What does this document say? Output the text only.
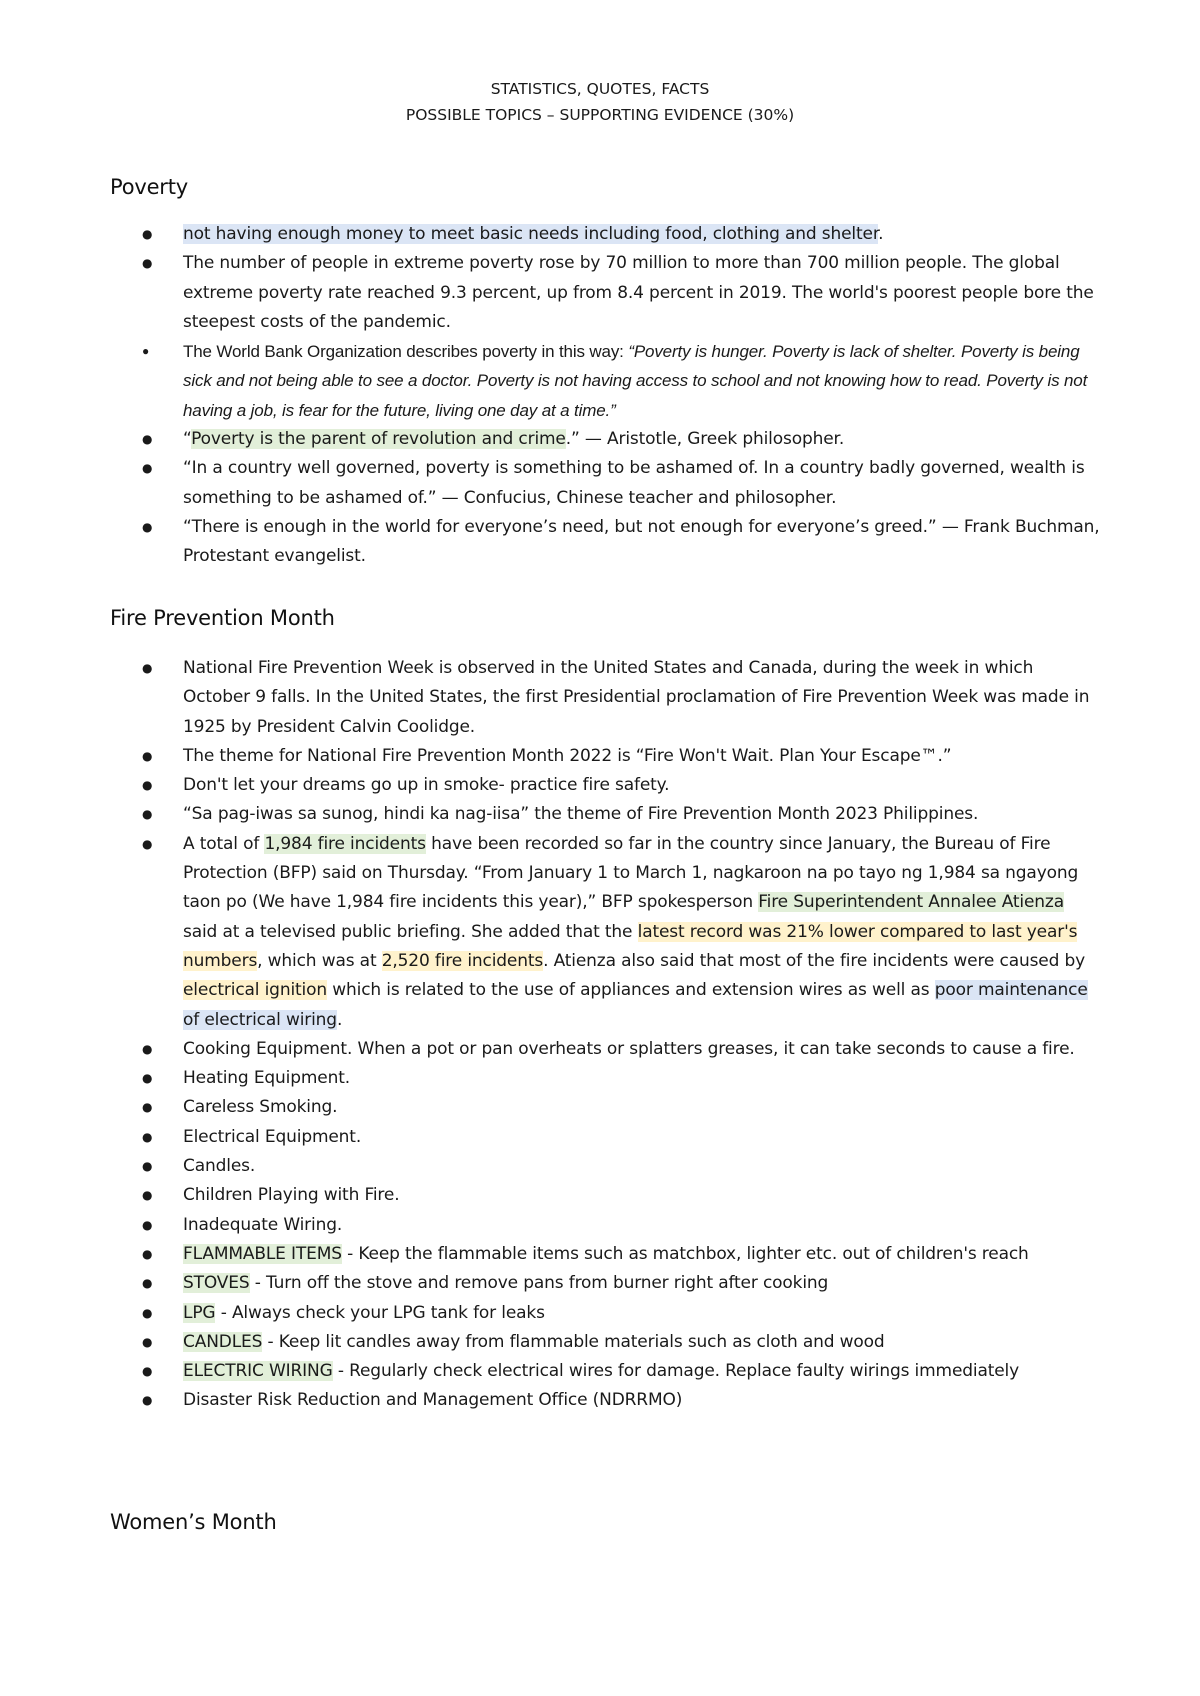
STATISTICS, QUOTES, FACTS
POSSIBLE TOPICS – SUPPORTING EVIDENCE (30%)
Poverty
● not having enough money to meet basic needs including food, clothing and shelter.
● The number of people in extreme poverty rose by 70 million to more than 700 million people. The global extreme poverty rate reached 9.3 percent, up from 8.4 percent in 2019. The world's poorest people bore the steepest costs of the pandemic.
● The World Bank Organization describes poverty in this way: “Poverty is hunger. Poverty is lack of shelter. Poverty is being sick and not being able to see a doctor. Poverty is not having access to school and not knowing how to read. Poverty is not having a job, is fear for the future, living one day at a time.”
● “Poverty is the parent of revolution and crime.” — Aristotle, Greek philosopher.
● “In a country well governed, poverty is something to be ashamed of. In a country badly governed, wealth is something to be ashamed of.” — Confucius, Chinese teacher and philosopher.
● “There is enough in the world for everyone’s need, but not enough for everyone’s greed.” — Frank Buchman, Protestant evangelist.
Fire Prevention Month
● National Fire Prevention Week is observed in the United States and Canada, during the week in which October 9 falls. In the United States, the first Presidential proclamation of Fire Prevention Week was made in 1925 by President Calvin Coolidge.
● The theme for National Fire Prevention Month 2022 is “Fire Won't Wait. Plan Your Escape™.”
● Don't let your dreams go up in smoke- practice fire safety.
● “Sa pag-iwas sa sunog, hindi ka nag-iisa” the theme of Fire Prevention Month 2023 Philippines.
● A total of 1,984 fire incidents have been recorded so far in the country since January, the Bureau of Fire Protection (BFP) said on Thursday. “From January 1 to March 1, nagkaroon na po tayo ng 1,984 sa ngayong taon po (We have 1,984 fire incidents this year),” BFP spokesperson Fire Superintendent Annalee Atienza said at a televised public briefing. She added that the latest record was 21% lower compared to last year's numbers, which was at 2,520 fire incidents. Atienza also said that most of the fire incidents were caused by electrical ignition which is related to the use of appliances and extension wires as well as poor maintenance of electrical wiring.
● Cooking Equipment. When a pot or pan overheats or splatters greases, it can take seconds to cause a fire.
● Heating Equipment.
● Careless Smoking.
● Electrical Equipment.
● Candles.
● Children Playing with Fire.
● Inadequate Wiring.
● FLAMMABLE ITEMS - Keep the flammable items such as matchbox, lighter etc. out of children's reach
● STOVES - Turn off the stove and remove pans from burner right after cooking
● LPG - Always check your LPG tank for leaks
● CANDLES - Keep lit candles away from flammable materials such as cloth and wood
● ELECTRIC WIRING - Regularly check electrical wires for damage. Replace faulty wirings immediately
● Disaster Risk Reduction and Management Office (NDRRMO)
Women’s Month
